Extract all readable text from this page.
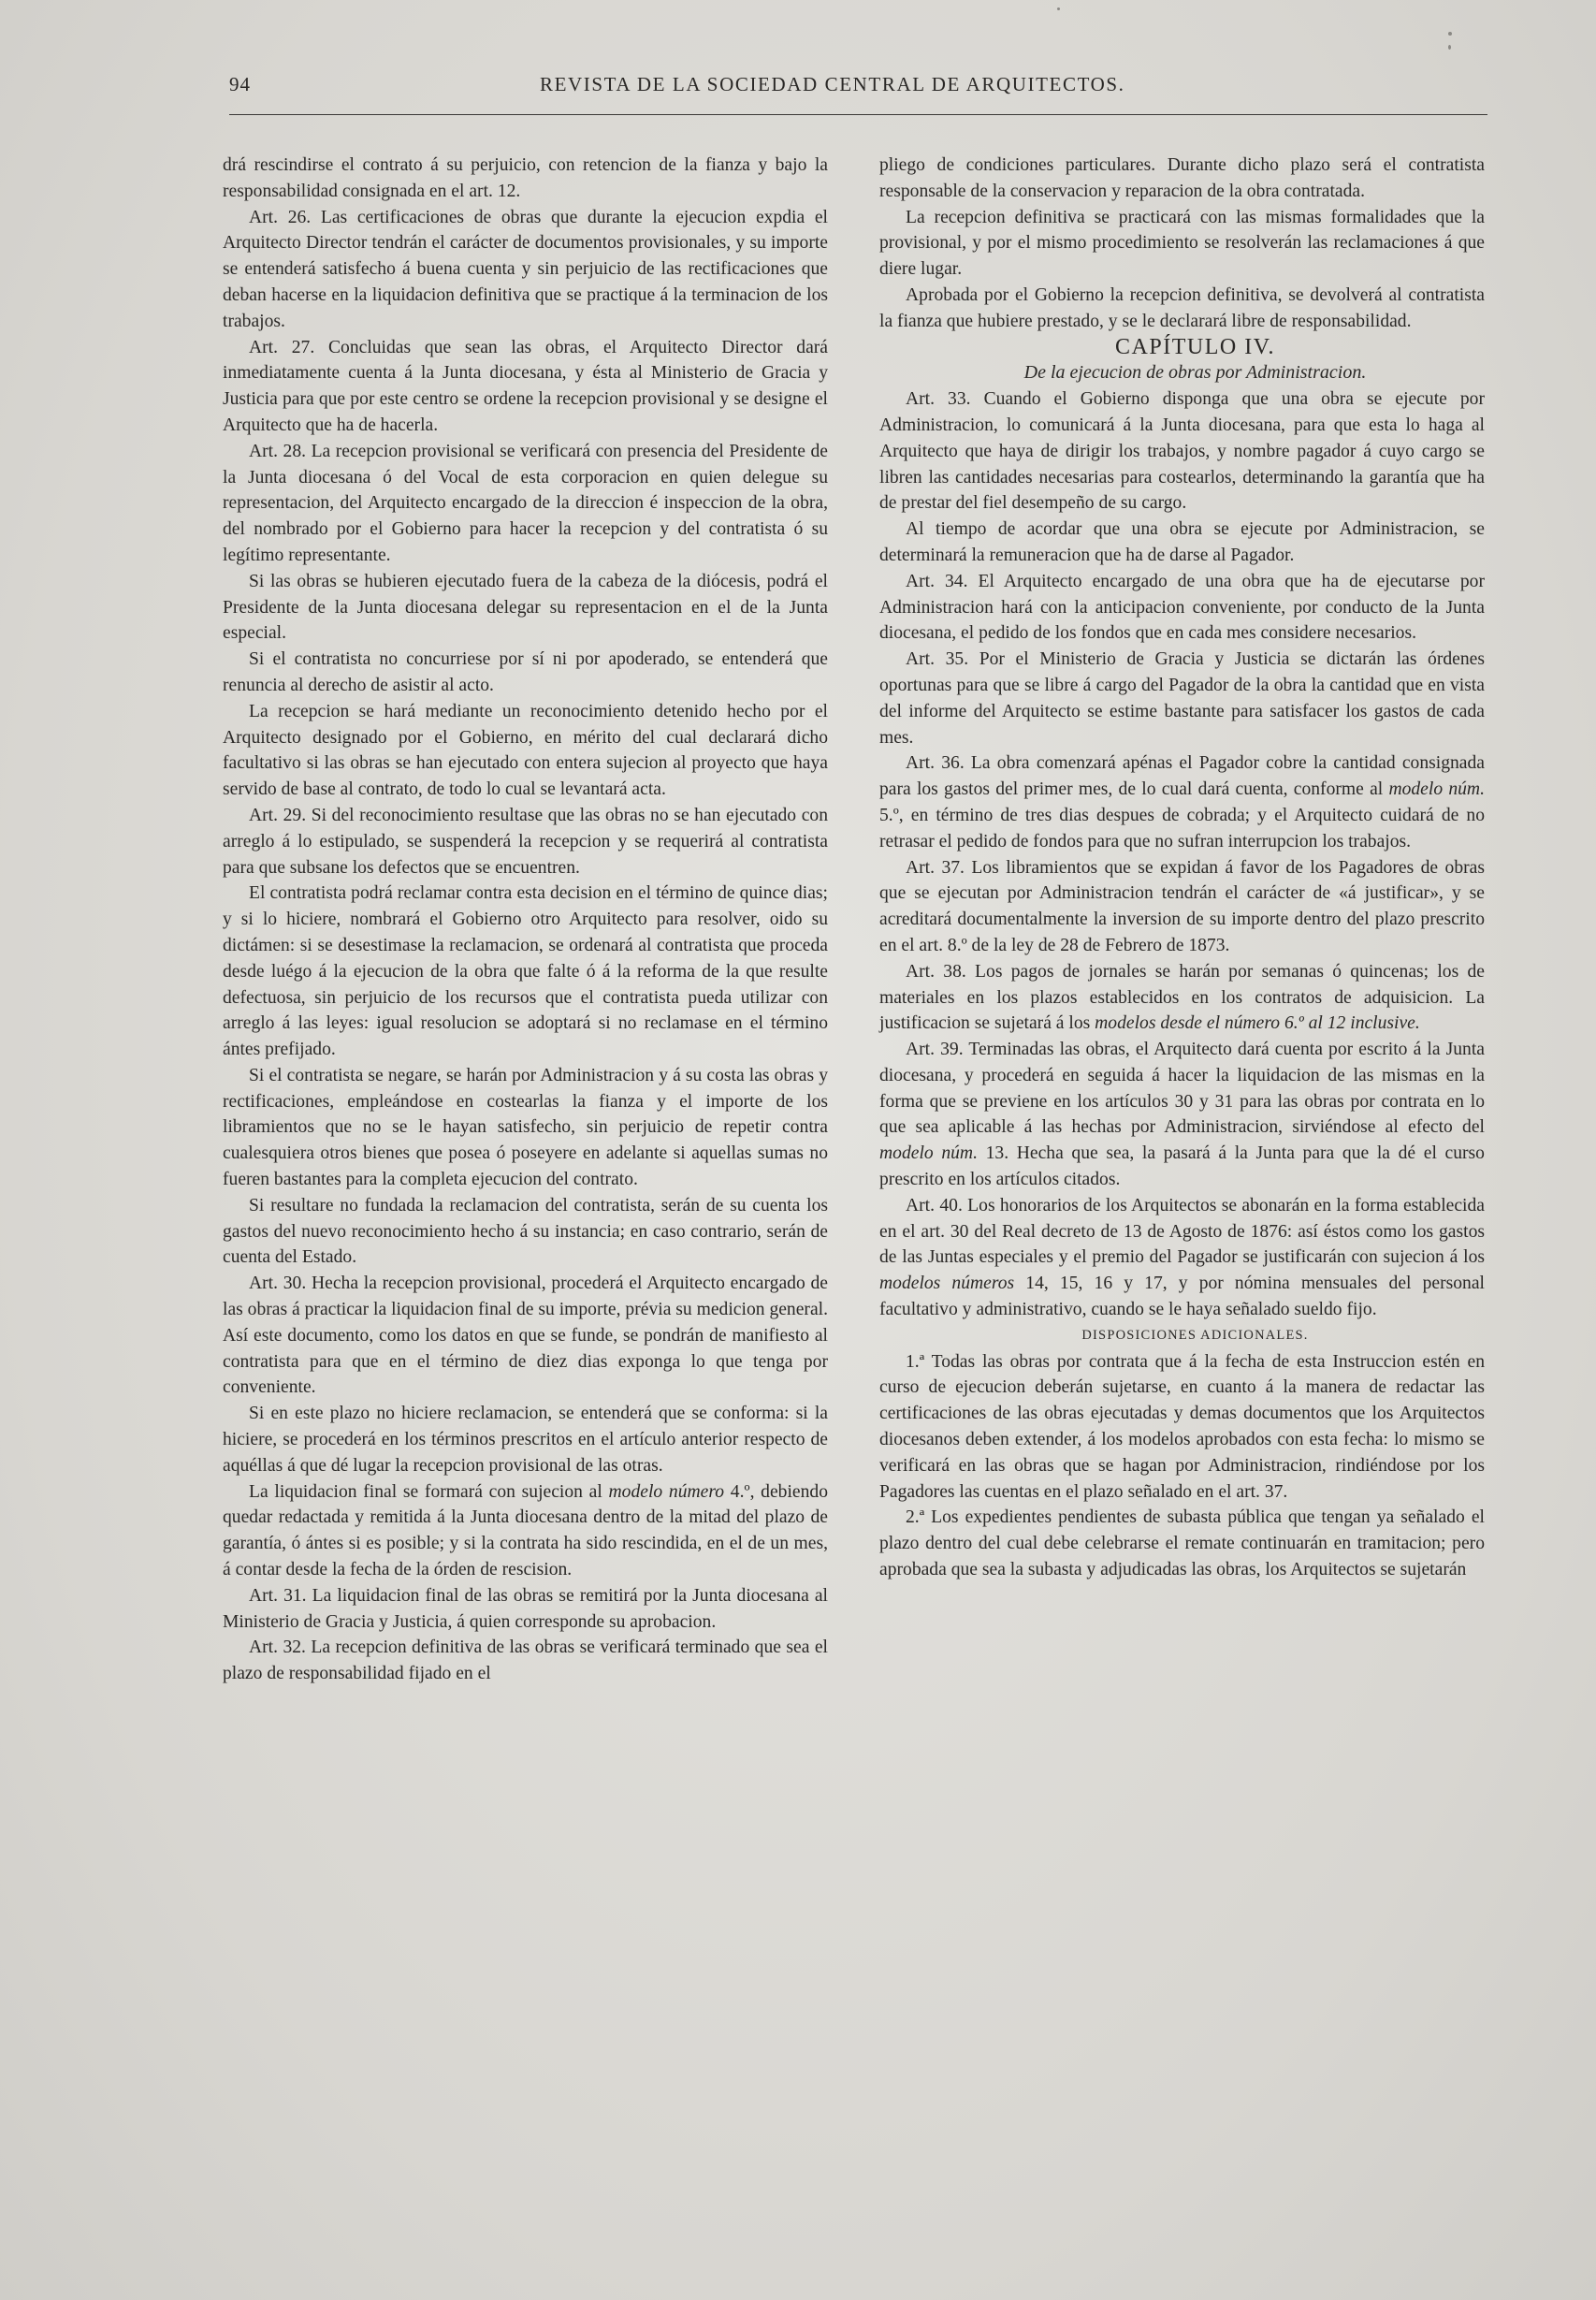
94	REVISTA DE LA SOCIEDAD CENTRAL DE ARQUITECTOS.

drá rescindirse el contrato á su perjuicio, con retencion de la fianza y bajo la responsabilidad consignada en el art. 12.

Art. 26. Las certificaciones de obras que durante la ejecucion expdia el Arquitecto Director tendrán el carácter de documentos provisionales, y su importe se entenderá satisfecho á buena cuenta y sin perjuicio de las rectificaciones que deban hacerse en la liquidacion definitiva que se practique á la terminacion de los trabajos.

Art. 27. Concluidas que sean las obras, el Arquitecto Director dará inmediatamente cuenta á la Junta diocesana, y ésta al Ministerio de Gracia y Justicia para que por este centro se ordene la recepcion provisional y se designe el Arquitecto que ha de hacerla.

Art. 28. La recepcion provisional se verificará con presencia del Presidente de la Junta diocesana ó del Vocal de esta corporacion en quien delegue su representacion, del Arquitecto encargado de la direccion é inspeccion de la obra, del nombrado por el Gobierno para hacer la recepcion y del contratista ó su legítimo representante.

Si las obras se hubieren ejecutado fuera de la cabeza de la diócesis, podrá el Presidente de la Junta diocesana delegar su representacion en el de la Junta especial.

Si el contratista no concurriese por sí ni por apoderado, se entenderá que renuncia al derecho de asistir al acto.

La recepcion se hará mediante un reconocimiento detenido hecho por el Arquitecto designado por el Gobierno, en mérito del cual declarará dicho facultativo si las obras se han ejecutado con entera sujecion al proyecto que haya servido de base al contrato, de todo lo cual se levantará acta.

Art. 29. Si del reconocimiento resultase que las obras no se han ejecutado con arreglo á lo estipulado, se suspenderá la recepcion y se requerirá al contratista para que subsane los defectos que se encuentren.

El contratista podrá reclamar contra esta decision en el término de quince dias; y si lo hiciere, nombrará el Gobierno otro Arquitecto para resolver, oido su dictámen: si se desestimase la reclamacion, se ordenará al contratista que proceda desde luégo á la ejecucion de la obra que falte ó á la reforma de la que resulte defectuosa, sin perjuicio de los recursos que el contratista pueda utilizar con arreglo á las leyes: igual resolucion se adoptará si no reclamase en el término ántes prefijado.

Si el contratista se negare, se harán por Administracion y á su costa las obras y rectificaciones, empleándose en costearlas la fianza y el importe de los libramientos que no se le hayan satisfecho, sin perjuicio de repetir contra cualesquiera otros bienes que posea ó poseyere en adelante si aquellas sumas no fueren bastantes para la completa ejecucion del contrato.

Si resultare no fundada la reclamacion del contratista, serán de su cuenta los gastos del nuevo reconocimiento hecho á su instancia; en caso contrario, serán de cuenta del Estado.

Art. 30. Hecha la recepcion provisional, procederá el Arquitecto encargado de las obras á practicar la liquidacion final de su importe, prévia su medicion general. Así este documento, como los datos en que se funde, se pondrán de manifiesto al contratista para que en el término de diez dias exponga lo que tenga por conveniente.

Si en este plazo no hiciere reclamacion, se entenderá que se conforma: si la hiciere, se procederá en los términos prescritos en el artículo anterior respecto de aquéllas á que dé lugar la recepcion provisional de las otras.

La liquidacion final se formará con sujecion al modelo número 4.º, debiendo quedar redactada y remitida á la Junta diocesana dentro de la mitad del plazo de garantía, ó ántes si es posible; y si la contrata ha sido rescindida, en el de un mes, á contar desde la fecha de la órden de rescision.

Art. 31. La liquidacion final de las obras se remitirá por la Junta diocesana al Ministerio de Gracia y Justicia, á quien corresponde su aprobacion.

Art. 32. La recepcion definitiva de las obras se verificará terminado que sea el plazo de responsabilidad fijado en el

pliego de condiciones particulares. Durante dicho plazo será el contratista responsable de la conservacion y reparacion de la obra contratada.

La recepcion definitiva se practicará con las mismas formalidades que la provisional, y por el mismo procedimiento se resolverán las reclamaciones á que diere lugar.

Aprobada por el Gobierno la recepcion definitiva, se devolverá al contratista la fianza que hubiere prestado, y se le declarará libre de responsabilidad.

CAPÍTULO IV.

De la ejecucion de obras por Administracion.

Art. 33. Cuando el Gobierno disponga que una obra se ejecute por Administracion, lo comunicará á la Junta diocesana, para que esta lo haga al Arquitecto que haya de dirigir los trabajos, y nombre pagador á cuyo cargo se libren las cantidades necesarias para costearlos, determinando la garantía que ha de prestar del fiel desempeño de su cargo.

Al tiempo de acordar que una obra se ejecute por Administracion, se determinará la remuneracion que ha de darse al Pagador.

Art. 34. El Arquitecto encargado de una obra que ha de ejecutarse por Administracion hará con la anticipacion conveniente, por conducto de la Junta diocesana, el pedido de los fondos que en cada mes considere necesarios.

Art. 35. Por el Ministerio de Gracia y Justicia se dictarán las órdenes oportunas para que se libre á cargo del Pagador de la obra la cantidad que en vista del informe del Arquitecto se estime bastante para satisfacer los gastos de cada mes.

Art. 36. La obra comenzará apénas el Pagador cobre la cantidad consignada para los gastos del primer mes, de lo cual dará cuenta, conforme al modelo núm. 5.º, en término de tres dias despues de cobrada; y el Arquitecto cuidará de no retrasar el pedido de fondos para que no sufran interrupcion los trabajos.

Art. 37. Los libramientos que se expidan á favor de los Pagadores de obras que se ejecutan por Administracion tendrán el carácter de «á justificar», y se acreditará documentalmente la inversion de su importe dentro del plazo prescrito en el art. 8.º de la ley de 28 de Febrero de 1873.

Art. 38. Los pagos de jornales se harán por semanas ó quincenas; los de materiales en los plazos establecidos en los contratos de adquisicion. La justificacion se sujetará á los modelos desde el número 6.º al 12 inclusive.

Art. 39. Terminadas las obras, el Arquitecto dará cuenta por escrito á la Junta diocesana, y procederá en seguida á hacer la liquidacion de las mismas en la forma que se previene en los artículos 30 y 31 para las obras por contrata en lo que sea aplicable á las hechas por Administracion, sirviéndose al efecto del modelo núm. 13. Hecha que sea, la pasará á la Junta para que la dé el curso prescrito en los artículos citados.

Art. 40. Los honorarios de los Arquitectos se abonarán en la forma establecida en el art. 30 del Real decreto de 13 de Agosto de 1876: así éstos como los gastos de las Juntas especiales y el premio del Pagador se justificarán con sujecion á los modelos números 14, 15, 16 y 17, y por nómina mensuales del personal facultativo y administrativo, cuando se le haya señalado sueldo fijo.

DISPOSICIONES ADICIONALES.

1.ª Todas las obras por contrata que á la fecha de esta Instruccion estén en curso de ejecucion deberán sujetarse, en cuanto á la manera de redactar las certificaciones de las obras ejecutadas y demas documentos que los Arquitectos diocesanos deben extender, á los modelos aprobados con esta fecha: lo mismo se verificará en las obras que se hagan por Administracion, rindiéndose por los Pagadores las cuentas en el plazo señalado en el art. 37.

2.ª Los expedientes pendientes de subasta pública que tengan ya señalado el plazo dentro del cual debe celebrarse el remate continuarán en tramitacion; pero aprobada que sea la subasta y adjudicadas las obras, los Arquitectos se sujetarán
